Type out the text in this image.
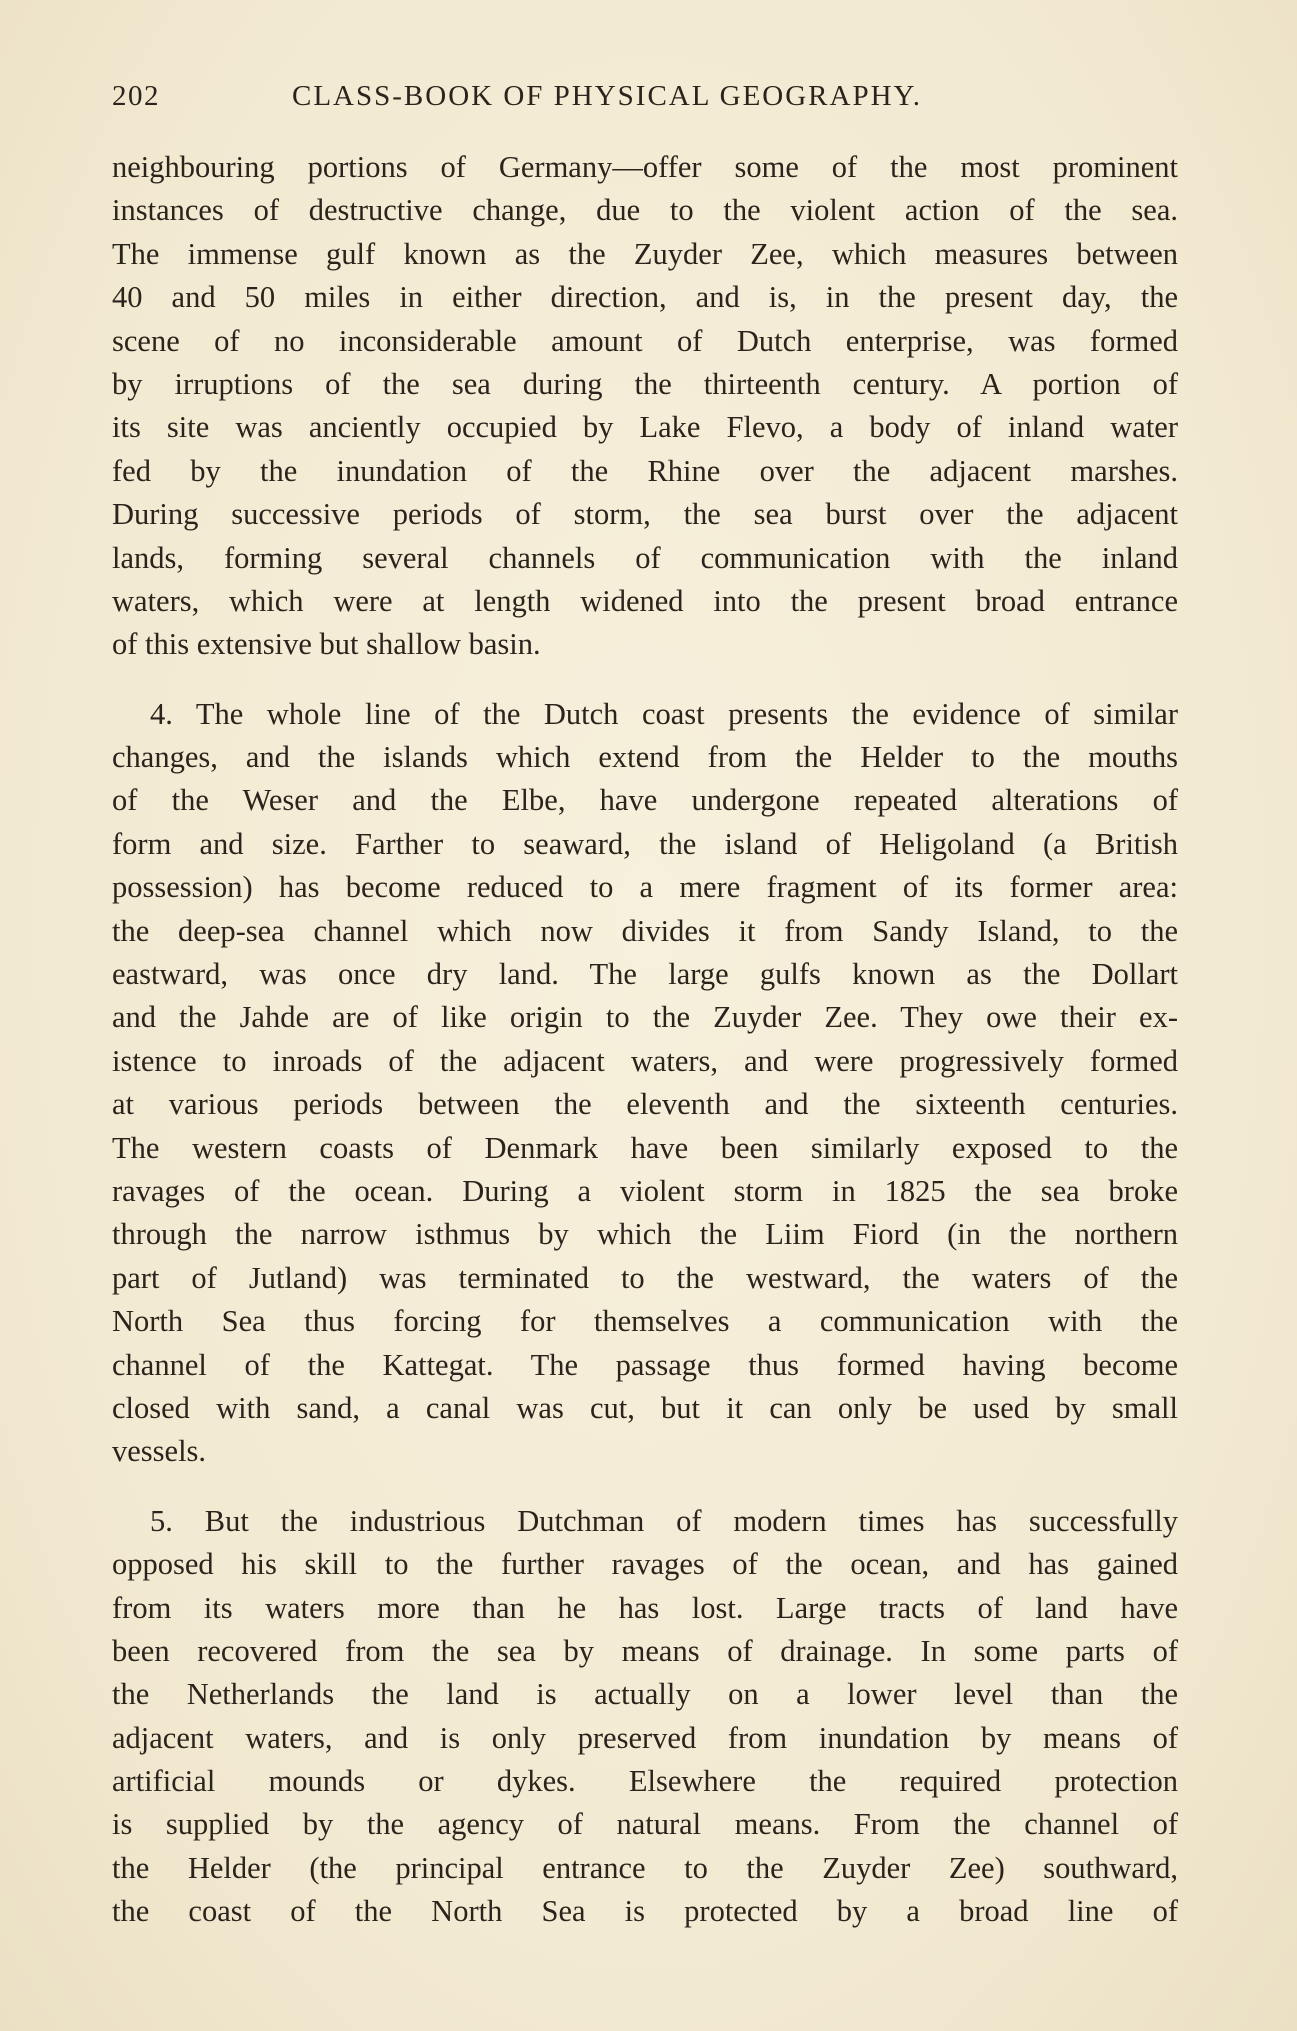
202	CLASS-BOOK OF PHYSICAL GEOGRAPHY.
neighbouring portions of Germany—offer some of the most prominent
instances of destructive change, due to the violent action of the sea.
The immense gulf known as the Zuyder Zee, which measures between
40 and 50 miles in either direction, and is, in the present day, the
scene of no inconsiderable amount of Dutch enterprise, was formed
by irruptions of the sea during the thirteenth century. A portion of
its site was anciently occupied by Lake Flevo, a body of inland water
fed by the inundation of the Rhine over the adjacent marshes.
During successive periods of storm, the sea burst over the adjacent
lands, forming several channels of communication with the inland
waters, which were at length widened into the present broad entrance
of this extensive but shallow basin.
4. The whole line of the Dutch coast presents the evidence of similar
changes, and the islands which extend from the Helder to the mouths
of the Weser and the Elbe, have undergone repeated alterations of
form and size. Farther to seaward, the island of Heligoland (a British
possession) has become reduced to a mere fragment of its former area:
the deep-sea channel which now divides it from Sandy Island, to the
eastward, was once dry land. The large gulfs known as the Dollart
and the Jahde are of like origin to the Zuyder Zee. They owe their ex-
istence to inroads of the adjacent waters, and were progressively formed
at various periods between the eleventh and the sixteenth centuries.
The western coasts of Denmark have been similarly exposed to the
ravages of the ocean. During a violent storm in 1825 the sea broke
through the narrow isthmus by which the Liim Fiord (in the northern
part of Jutland) was terminated to the westward, the waters of the
North Sea thus forcing for themselves a communication with the
channel of the Kattegat. The passage thus formed having become
closed with sand, a canal was cut, but it can only be used by small
vessels.
5. But the industrious Dutchman of modern times has successfully
opposed his skill to the further ravages of the ocean, and has gained
from its waters more than he has lost. Large tracts of land have
been recovered from the sea by means of drainage. In some parts of
the Netherlands the land is actually on a lower level than the
adjacent waters, and is only preserved from inundation by means of
artificial mounds or dykes. Elsewhere the required protection
is supplied by the agency of natural means. From the channel of
the Helder (the principal entrance to the Zuyder Zee) southward,
the coast of the North Sea is protected by a broad line of
